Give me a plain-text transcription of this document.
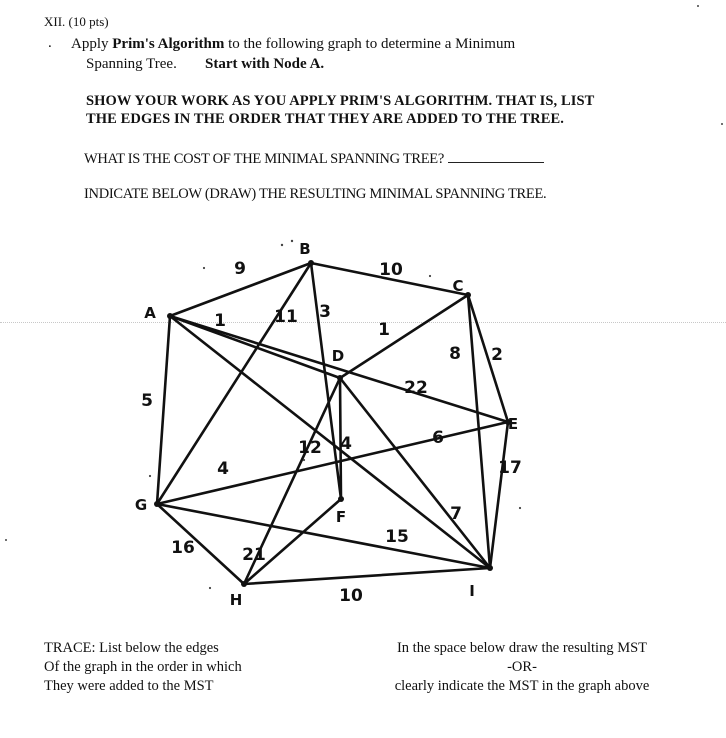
XII. (10 pts)
. Apply Prim's Algorithm to the following graph to determine a Minimum
Spanning Tree. Start with Node A.
SHOW YOUR WORK AS YOU APPLY PRIM'S ALGORITHM. THAT IS, LIST
THE EDGES IN THE ORDER THAT THEY ARE ADDED TO THE TREE.
WHAT IS THE COST OF THE MINIMAL SPANNING TREE?
INDICATE BELOW (DRAW) THE RESULTING MINIMAL SPANNING TREE.
9	10
5
1	11 3
1
8 2
22
4
12
7
4
6
17
15
16
10
21
A
B
C
D
E
F
G
H	I
TRACE: List below the edges
Of the graph in the order in which
They were added to the MST
In the space below draw the resulting MST
-OR-
clearly indicate the MST in the graph above
